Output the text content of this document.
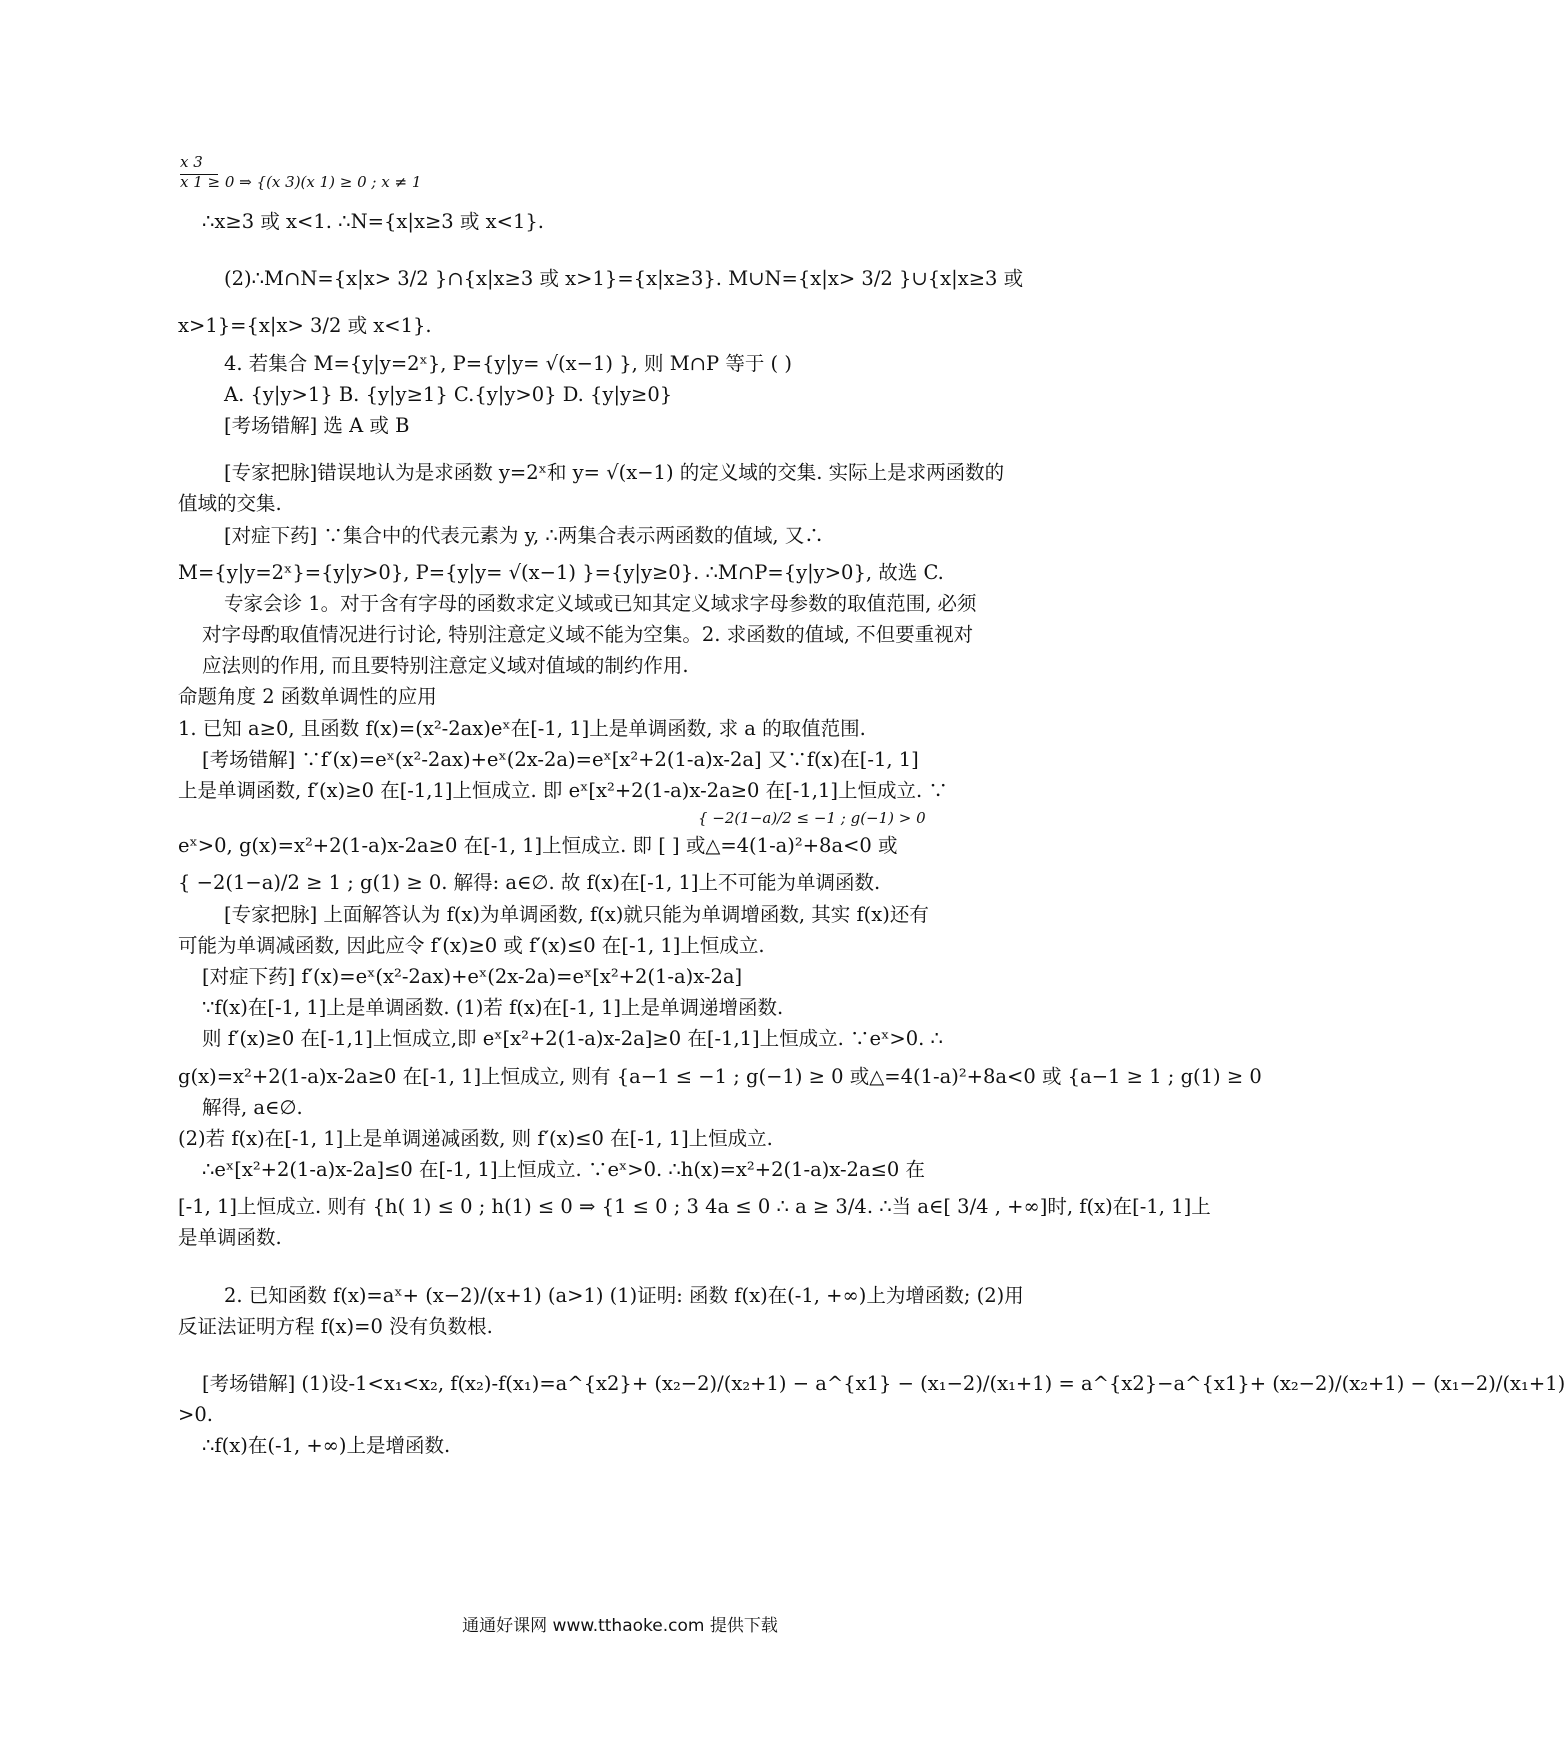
x 3
x 1 ≥ 0 ⇒ {(x 3)(x 1) ≥ 0 ; x ≠ 1

∴x≥3 或 x<1. ∴N={x|x≥3 或 x<1}.

(2)∴M∩N={x|x> 3/2 }∩{x|x≥3 或 x>1}={x|x≥3}. M∪N={x|x> 3/2 }∪{x|x≥3 或

x>1}={x|x> 3/2 或 x<1}.

4. 若集合 M={y|y=2ˣ}, P={y|y= √(x−1) }, 则 M∩P 等于 ( )

A. {y|y>1} B. {y|y≥1} C.{y|y>0} D. {y|y≥0}

[考场错解] 选 A 或 B

[专家把脉]错误地认为是求函数 y=2ˣ和 y= √(x−1) 的定义域的交集. 实际上是求两函数的

值域的交集.

[对症下药] ∵集合中的代表元素为 y, ∴两集合表示两函数的值域, 又∴

M={y|y=2ˣ}={y|y>0}, P={y|y= √(x−1) }={y|y≥0}. ∴M∩P={y|y>0}, 故选 C.

专家会诊 1。对于含有字母的函数求定义域或已知其定义域求字母参数的取值范围, 必须

对字母酌取值情况进行讨论, 特别注意定义域不能为空集。2. 求函数的值域, 不但要重视对

应法则的作用, 而且要特别注意定义域对值域的制约作用.

命题角度 2 函数单调性的应用

1. 已知 a≥0, 且函数 f(x)=(x²-2ax)eˣ在[-1, 1]上是单调函数, 求 a 的取值范围.

[考场错解] ∵f′(x)=eˣ(x²-2ax)+eˣ(2x-2a)=eˣ[x²+2(1-a)x-2a] 又∵f(x)在[-1, 1]

上是单调函数, f′(x)≥0 在[-1,1]上恒成立. 即 eˣ[x²+2(1-a)x-2a≥0 在[-1,1]上恒成立. ∵

{ −2(1−a)/2 ≤ −1 ; g(−1) > 0

eˣ>0, g(x)=x²+2(1-a)x-2a≥0 在[-1, 1]上恒成立. 即 [ ] 或△=4(1-a)²+8a<0 或

{ −2(1−a)/2 ≥ 1 ; g(1) ≥ 0. 解得: a∈∅. 故 f(x)在[-1, 1]上不可能为单调函数.

[专家把脉] 上面解答认为 f(x)为单调函数, f(x)就只能为单调增函数, 其实 f(x)还有

可能为单调减函数, 因此应令 f′(x)≥0 或 f′(x)≤0 在[-1, 1]上恒成立.

[对症下药] f′(x)=eˣ(x²-2ax)+eˣ(2x-2a)=eˣ[x²+2(1-a)x-2a]

∵f(x)在[-1, 1]上是单调函数. (1)若 f(x)在[-1, 1]上是单调递增函数.

则 f′(x)≥0 在[-1,1]上恒成立,即 eˣ[x²+2(1-a)x-2a]≥0 在[-1,1]上恒成立. ∵eˣ>0. ∴

g(x)=x²+2(1-a)x-2a≥0 在[-1, 1]上恒成立, 则有 {a−1 ≤ −1 ; g(−1) ≥ 0 或△=4(1-a)²+8a<0 或 {a−1 ≥ 1 ; g(1) ≥ 0

解得, a∈∅.

(2)若 f(x)在[-1, 1]上是单调递减函数, 则 f′(x)≤0 在[-1, 1]上恒成立.

∴eˣ[x²+2(1-a)x-2a]≤0 在[-1, 1]上恒成立. ∵eˣ>0. ∴h(x)=x²+2(1-a)x-2a≤0 在

[-1, 1]上恒成立. 则有 {h( 1) ≤ 0 ; h(1) ≤ 0 ⇒ {1 ≤ 0 ; 3 4a ≤ 0 ∴ a ≥ 3/4. ∴当 a∈[ 3/4 , +∞]时, f(x)在[-1, 1]上

是单调函数.

2. 已知函数 f(x)=aˣ+ (x−2)/(x+1) (a>1) (1)证明: 函数 f(x)在(-1, +∞)上为增函数; (2)用

反证法证明方程 f(x)=0 没有负数根.

[考场错解] (1)设-1<x₁<x₂, f(x₂)-f(x₁)=a^{x2}+ (x₂−2)/(x₂+1) − a^{x1} − (x₁−2)/(x₁+1) = a^{x2}−a^{x1}+ (x₂−2)/(x₂+1) − (x₁−2)/(x₁+1)

>0.

∴f(x)在(-1, +∞)上是增函数.

通通好课网 www.tthaoke.com 提供下载
